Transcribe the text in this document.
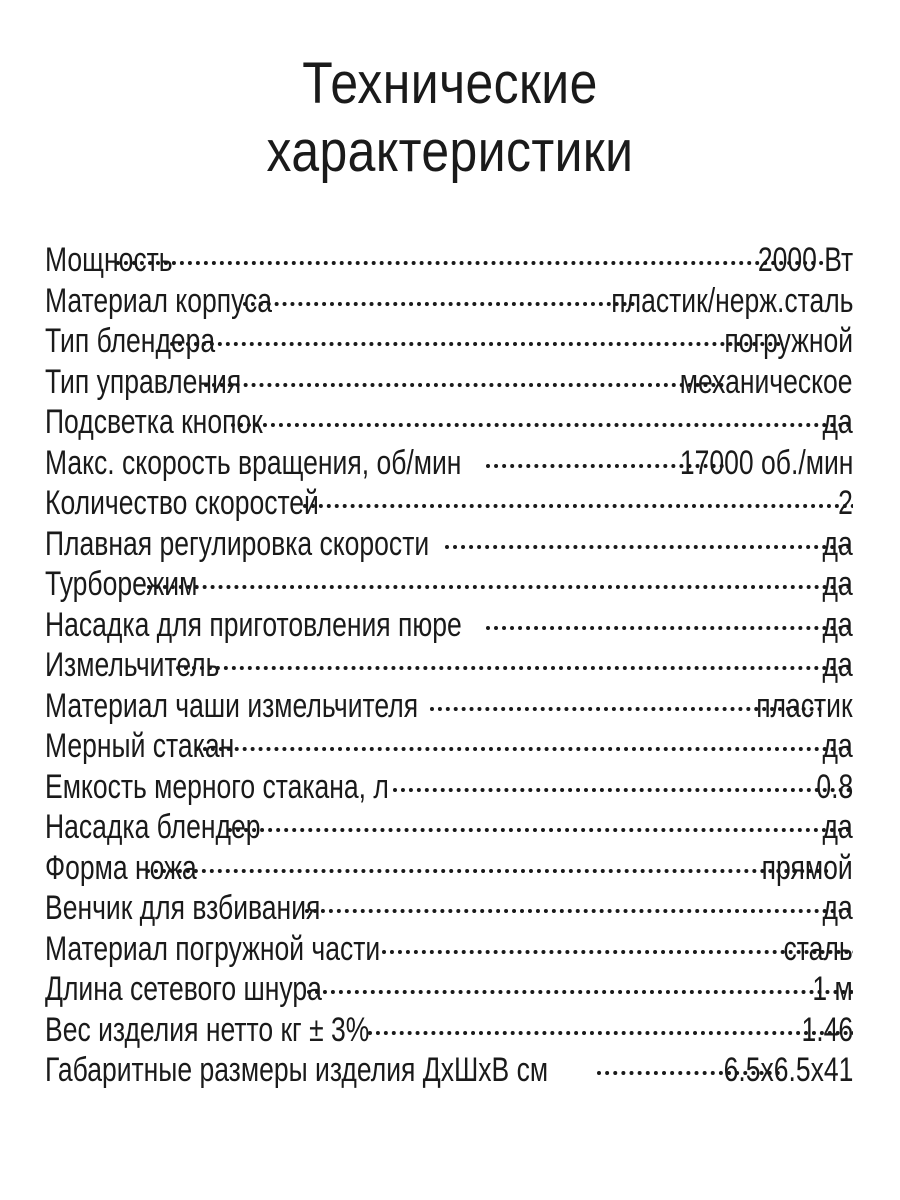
Технические
характеристики
Мощность	2000 Вт
Материал корпуса	пластик/нерж.сталь
Тип блендера	погружной
Тип управления	механическое
Подсветка кнопок	да
Макс. скорость вращения, об/мин	17000 об./мин
Количество скоростей	2
Плавная регулировка скорости	да
Турборежим	да
Насадка для приготовления пюре	да
Измельчитель	да
Материал чаши измельчителя	пластик
Мерный стакан	да
Емкость мерного стакана, л	0.8
Насадка блендер	да
Форма ножа	прямой
Венчик для взбивания	да
Материал погружной части	сталь
Длина сетевого шнура	1 м
Вес изделия нетто кг ± 3%	1.46
Габаритные размеры изделия ДхШхВ см	6.5x6.5x41
